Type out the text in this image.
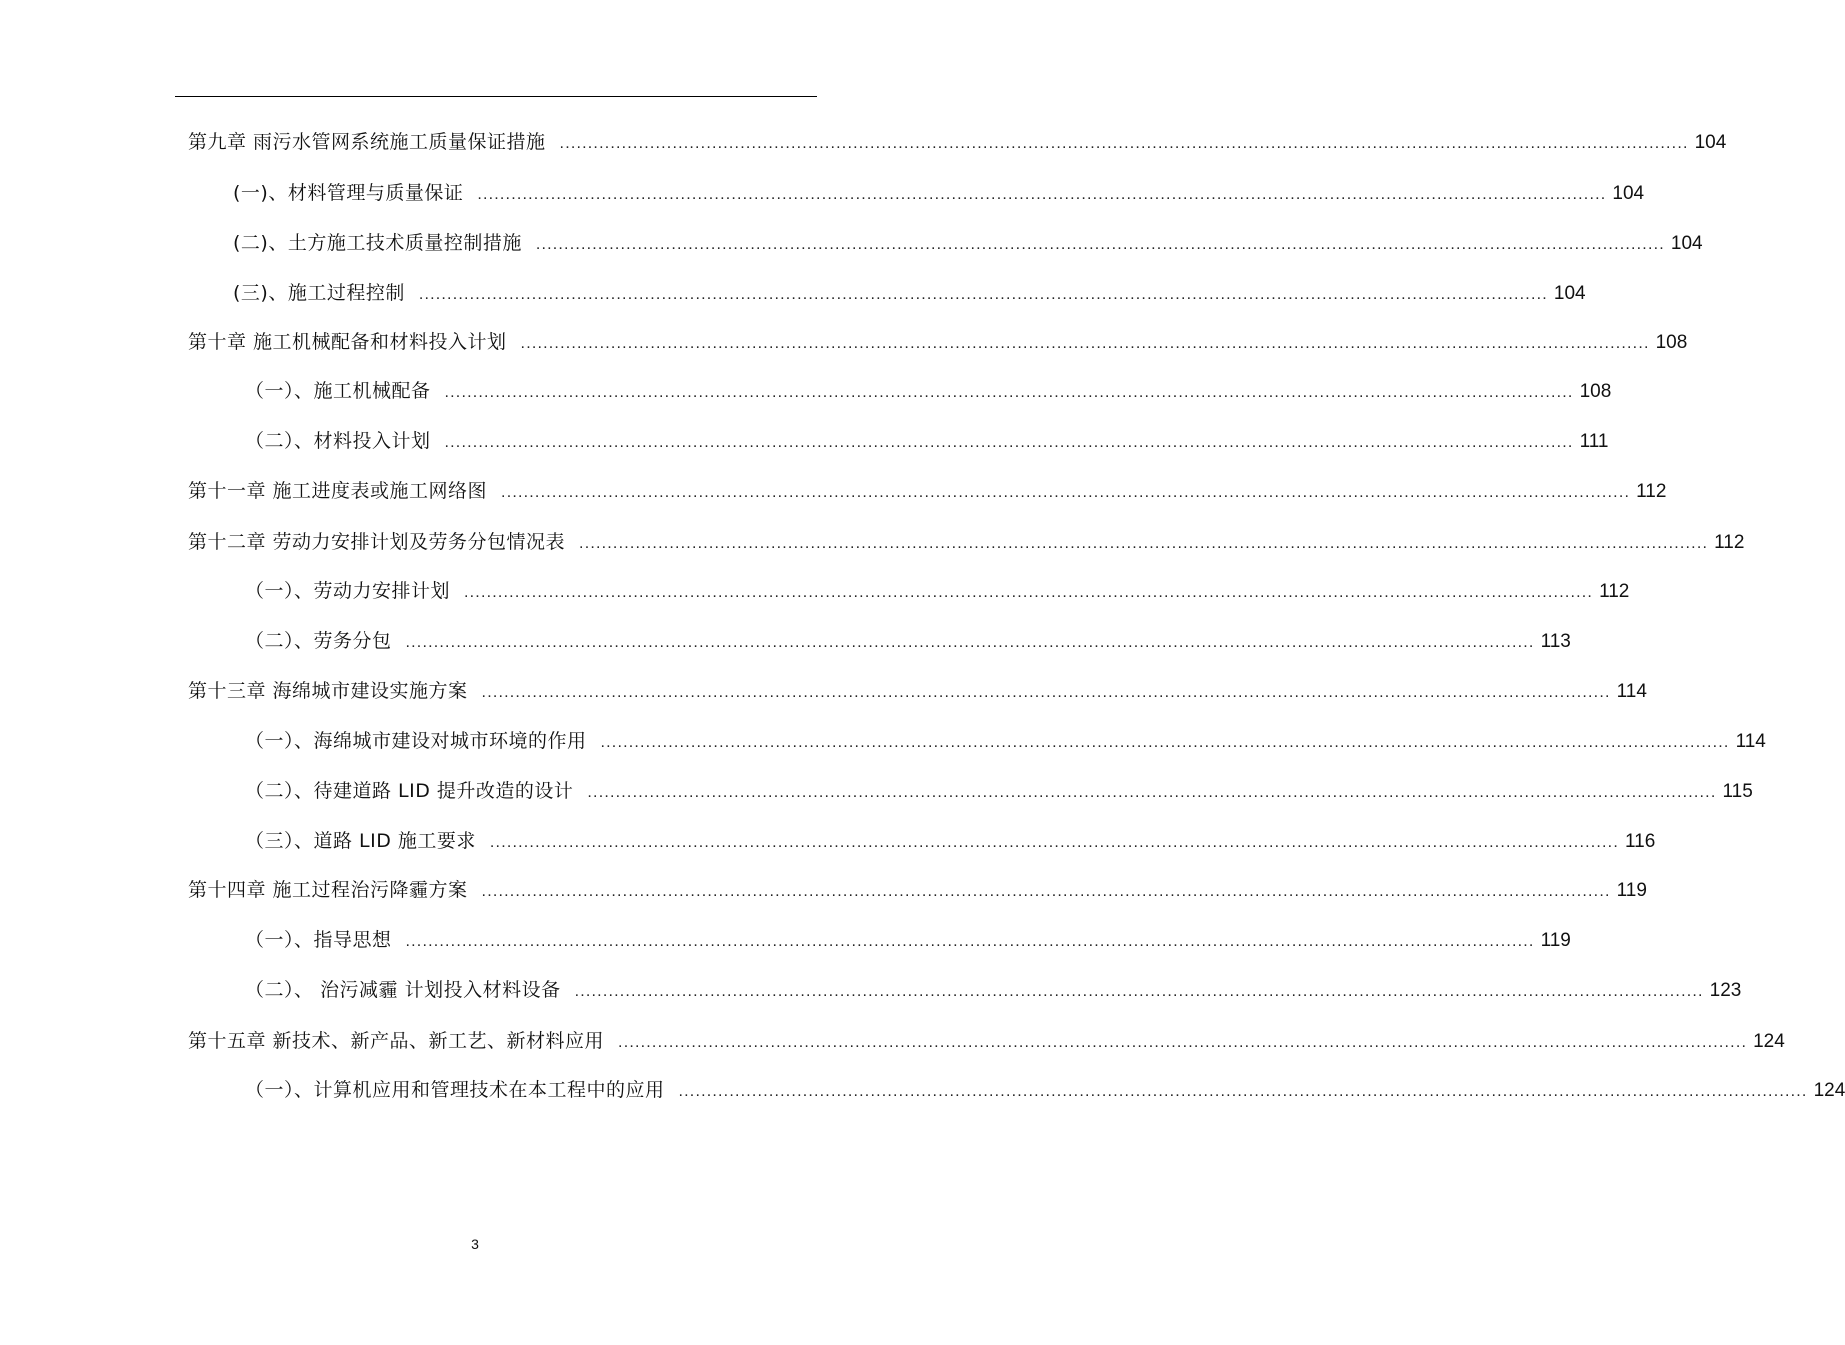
第九章 雨污水管网系统施工质量保证措施 ........................................................................................................................................................................................................ 104
(一)、材料管理与质量保证 ........................................................................................................................................................................................................ 104
(二)、土方施工技术质量控制措施 ........................................................................................................................................................................................................ 104
(三)、施工过程控制 ........................................................................................................................................................................................................ 104
第十章 施工机械配备和材料投入计划 ........................................................................................................................................................................................................ 108
（一）、施工机械配备 ........................................................................................................................................................................................................ 108
（二）、材料投入计划 ........................................................................................................................................................................................................ 111
第十一章 施工进度表或施工网络图 ........................................................................................................................................................................................................ 112
第十二章 劳动力安排计划及劳务分包情况表 ........................................................................................................................................................................................................ 112
（一）、劳动力安排计划 ........................................................................................................................................................................................................ 112
（二）、劳务分包 ........................................................................................................................................................................................................ 113
第十三章 海绵城市建设实施方案 ........................................................................................................................................................................................................ 114
（一）、海绵城市建设对城市环境的作用 ........................................................................................................................................................................................................ 114
（二）、待建道路 LID 提升改造的设计 ........................................................................................................................................................................................................ 115
（三）、道路 LID 施工要求 ........................................................................................................................................................................................................ 116
第十四章 施工过程治污降霾方案 ........................................................................................................................................................................................................ 119
（一）、指导思想 ........................................................................................................................................................................................................ 119
（二）、 治污减霾 计划投入材料设备 ........................................................................................................................................................................................................ 123
第十五章 新技术、新产品、新工艺、新材料应用 ........................................................................................................................................................................................................ 124
（一）、计算机应用和管理技术在本工程中的应用 ........................................................................................................................................................................................................ 124
3
